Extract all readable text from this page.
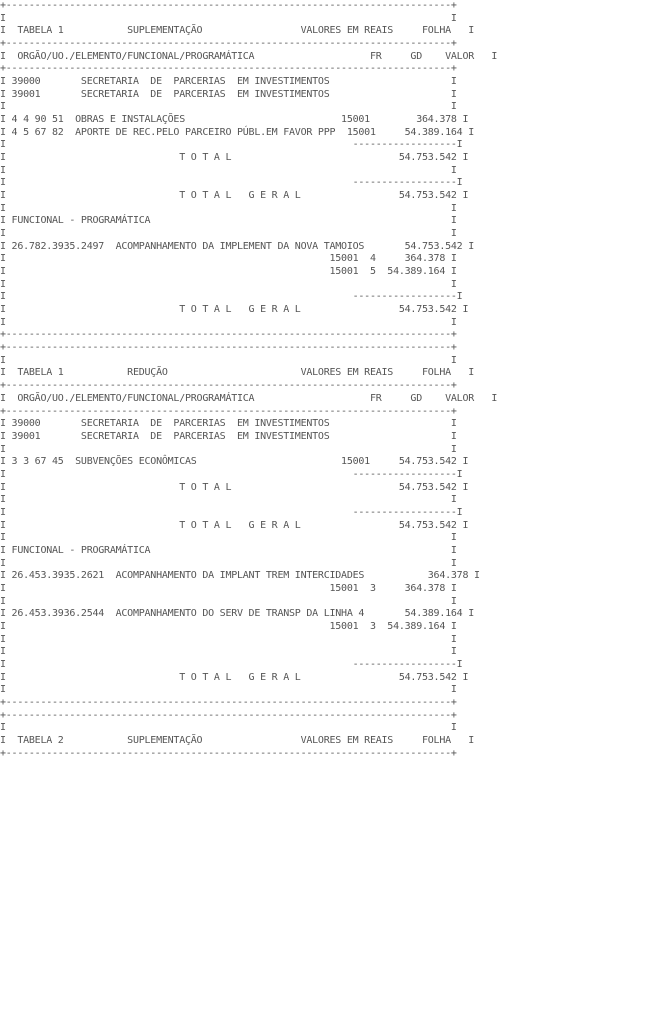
+-----------------------------------------------------------------------------+
I                                                                             I
I  TABELA 1           SUPLEMENTAÇÃO                 VALORES EM REAIS     FOLHA   I
+-----------------------------------------------------------------------------+
I  ORGÃO/UO./ELEMENTO/FUNCIONAL/PROGRAMÁTICA                    FR     GD    VALOR   I
+-----------------------------------------------------------------------------+
I 39000       SECRETARIA  DE  PARCERIAS  EM INVESTIMENTOS                     I
I 39001       SECRETARIA  DE  PARCERIAS  EM INVESTIMENTOS                     I
I                                                                             I
I 4 4 90 51  OBRAS E INSTALAÇÕES                           15001        364.378 I
I 4 5 67 82  APORTE DE REC.PELO PARCEIRO PÚBL.EM FAVOR PPP  15001     54.389.164 I
I                                                            ------------------I
I                              T O T A L                             54.753.542 I
I                                                                             I
I                                                            ------------------I
I                              T O T A L   G E R A L                 54.753.542 I
I                                                                             I
I FUNCIONAL - PROGRAMÁTICA                                                    I
I                                                                             I
I 26.782.3935.2497  ACOMPANHAMENTO DA IMPLEMENT DA NOVA TAMOIOS       54.753.542 I
I                                                        15001  4     364.378 I
I                                                        15001  5  54.389.164 I
I                                                                             I
I                                                            ------------------I
I                              T O T A L   G E R A L                 54.753.542 I
I                                                                             I
+-----------------------------------------------------------------------------+
+-----------------------------------------------------------------------------+
I                                                                             I
I  TABELA 1           REDUÇÃO                       VALORES EM REAIS     FOLHA   I
+-----------------------------------------------------------------------------+
I  ORGÃO/UO./ELEMENTO/FUNCIONAL/PROGRAMÁTICA                    FR     GD    VALOR   I
+-----------------------------------------------------------------------------+
I 39000       SECRETARIA  DE  PARCERIAS  EM INVESTIMENTOS                     I
I 39001       SECRETARIA  DE  PARCERIAS  EM INVESTIMENTOS                     I
I                                                                             I
I 3 3 67 45  SUBVENÇÕES ECONÔMICAS                         15001     54.753.542 I
I                                                            ------------------I
I                              T O T A L                             54.753.542 I
I                                                                             I
I                                                            ------------------I
I                              T O T A L   G E R A L                 54.753.542 I
I                                                                             I
I FUNCIONAL - PROGRAMÁTICA                                                    I
I                                                                             I
I 26.453.3935.2621  ACOMPANHAMENTO DA IMPLANT TREM INTERCIDADES           364.378 I
I                                                        15001  3     364.378 I
I                                                                             I
I 26.453.3936.2544  ACOMPANHAMENTO DO SERV DE TRANSP DA LINHA 4       54.389.164 I
I                                                        15001  3  54.389.164 I
I                                                                             I
I                                                                             I
I                                                            ------------------I
I                              T O T A L   G E R A L                 54.753.542 I
I                                                                             I
+-----------------------------------------------------------------------------+
+-----------------------------------------------------------------------------+
I                                                                             I
I  TABELA 2           SUPLEMENTAÇÃO                 VALORES EM REAIS     FOLHA   I
+-----------------------------------------------------------------------------+
